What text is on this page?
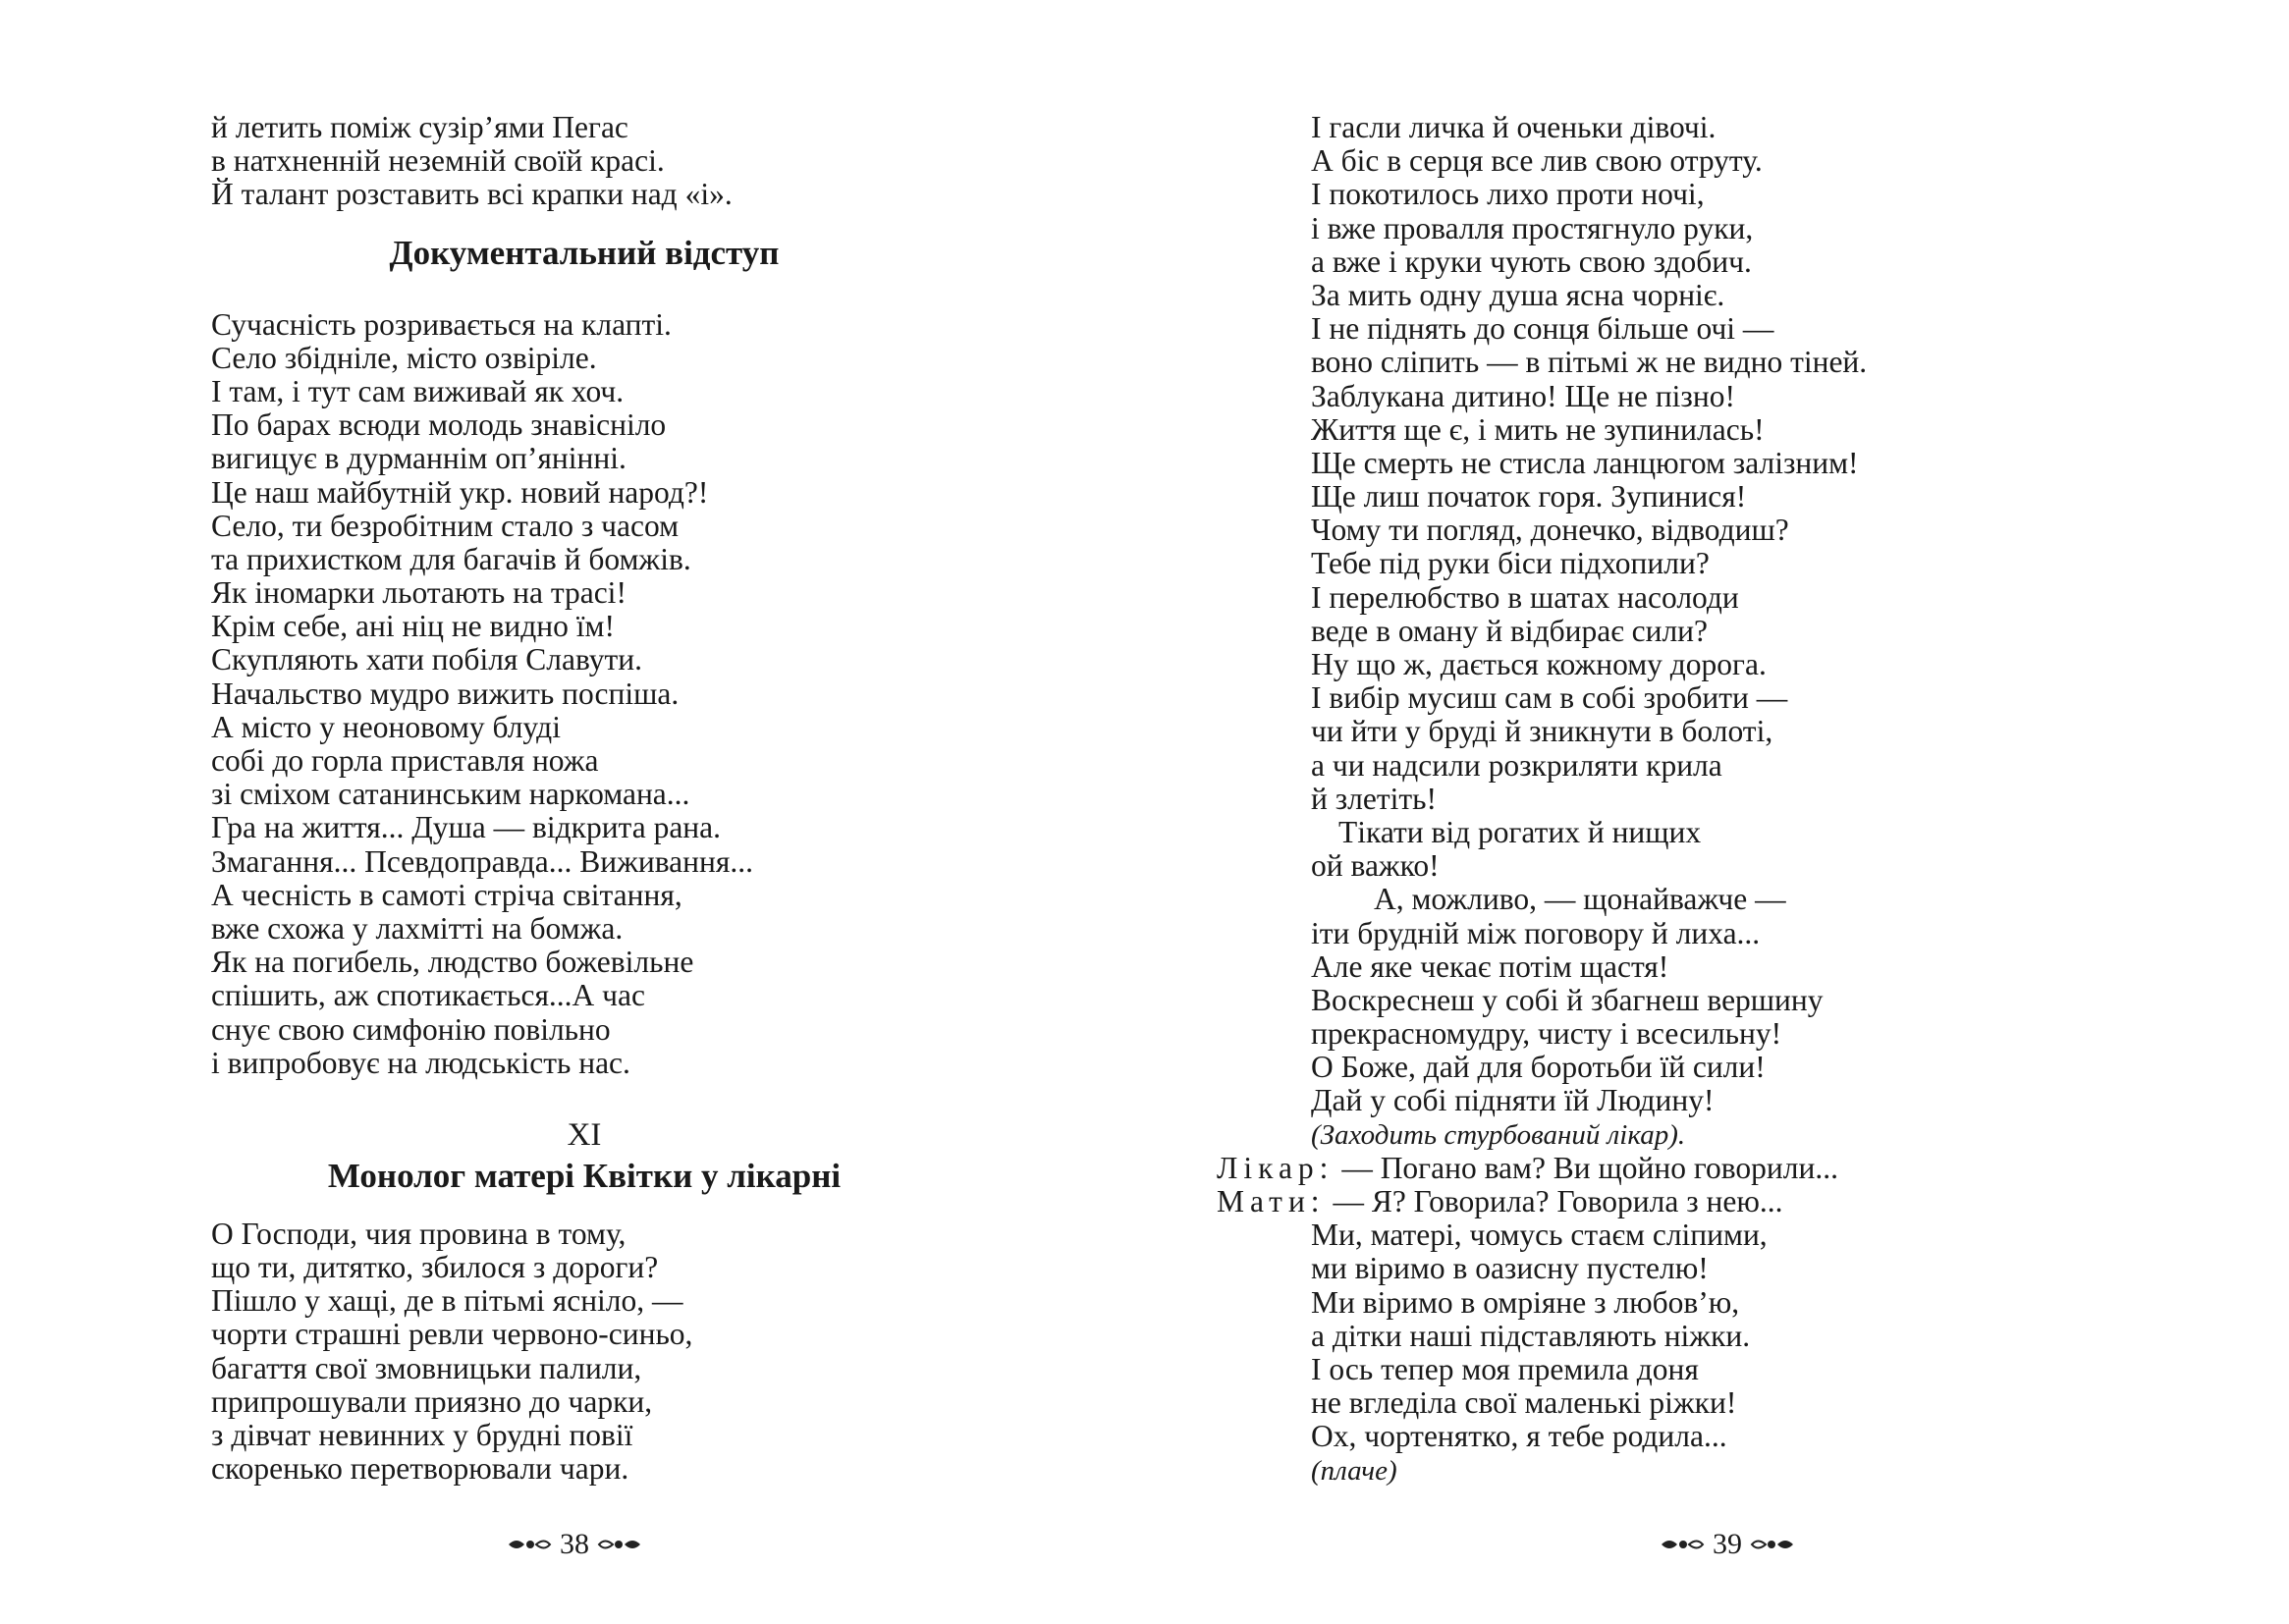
й летить поміж сузір’ями Пегас
в натхненній неземній своїй красі.
Й талант розставить всі крапки над «і».
Документальний відступ
Сучасність розривається на клапті.
Село збідніле, місто озвіріле.
І там, і тут сам виживай як хоч.
По барах всюди молодь знавісніло
вигицує в дурманнім оп’янінні.
Це наш майбутній укр. новий народ?!
Село, ти безробітним стало з часом
та прихистком для багачів й бомжів.
Як іномарки льотають на трасі!
Крім себе, ані ніц не видно їм!
Скупляють хати побіля Славути.
Начальство мудро вижить поспіша.
А місто у неоновому блуді
собі до горла приставля ножа
зі сміхом сатанинським наркомана...
Гра на життя... Душа — відкрита рана.
Змагання... Псевдоправда... Виживання...
А чесність в самоті стріча світання,
вже схожа у лахмітті на бомжа.
Як на погибель, людство божевільне
спішить, аж спотикається...А час
снує свою симфонію повільно
і випробовує на людськість нас.
XI
Монолог матері Квітки у лікарні
О Господи, чия провина в тому,
що ти, дитятко, збилося з дороги?
Пішло у хащі, де в пітьмі ясніло, —
чорти страшні ревли червоно-синьо,
багаття свої змовницьки палили,
припрошували приязно до чарки,
з дівчат невинних у брудні повії
скоренько перетворювали чари.
38
І гасли личка й оченьки дівочі.
А біс в серця все лив свою отруту.
І покотилось лихо проти ночі,
і вже провалля простягнуло руки,
а вже і круки чують свою здобич.
За мить одну душа ясна чорніє.
І не піднять до сонця більше очі —
воно сліпить — в пітьмі ж не видно тіней.
Заблукана дитино! Ще не пізно!
Життя ще є, і мить не зупинилась!
Ще смерть не стисла ланцюгом залізним!
Ще лиш початок горя. Зупинися!
Чому ти погляд, донечко, відводиш?
Тебе під руки біси підхопили?
І перелюбство в шатах насолоди
веде в оману й відбирає сили?
Ну що ж, дається кожному дорога.
І вибір мусиш сам в собі зробити —
чи йти у бруді й зникнути в болоті,
а чи надсили розкриляти крила
й злетіть!
Тікати від рогатих й нищих
ой важко!
А, можливо, — щонайважче —
іти брудній між поговору й лиха...
Але яке чекає потім щастя!
Воскреснеш у собі й збагнеш вершину
прекрасномудру, чисту і всесильну!
О Боже, дай для боротьби їй сили!
Дай у собі підняти їй Людину!
(Заходить стурбований лікар).
Лікар: — Погано вам? Ви щойно говорили...
Мати: — Я? Говорила? Говорила з нею...
Ми, матері, чомусь стаєм сліпими,
ми віримо в оазисну пустелю!
Ми віримо в омріяне з любов’ю,
а дітки наші підставляють ніжки.
І ось тепер моя премила доня
не вгледіла свої маленькі ріжки!
Ох, чортенятко, я тебе родила...
(плаче)
39
